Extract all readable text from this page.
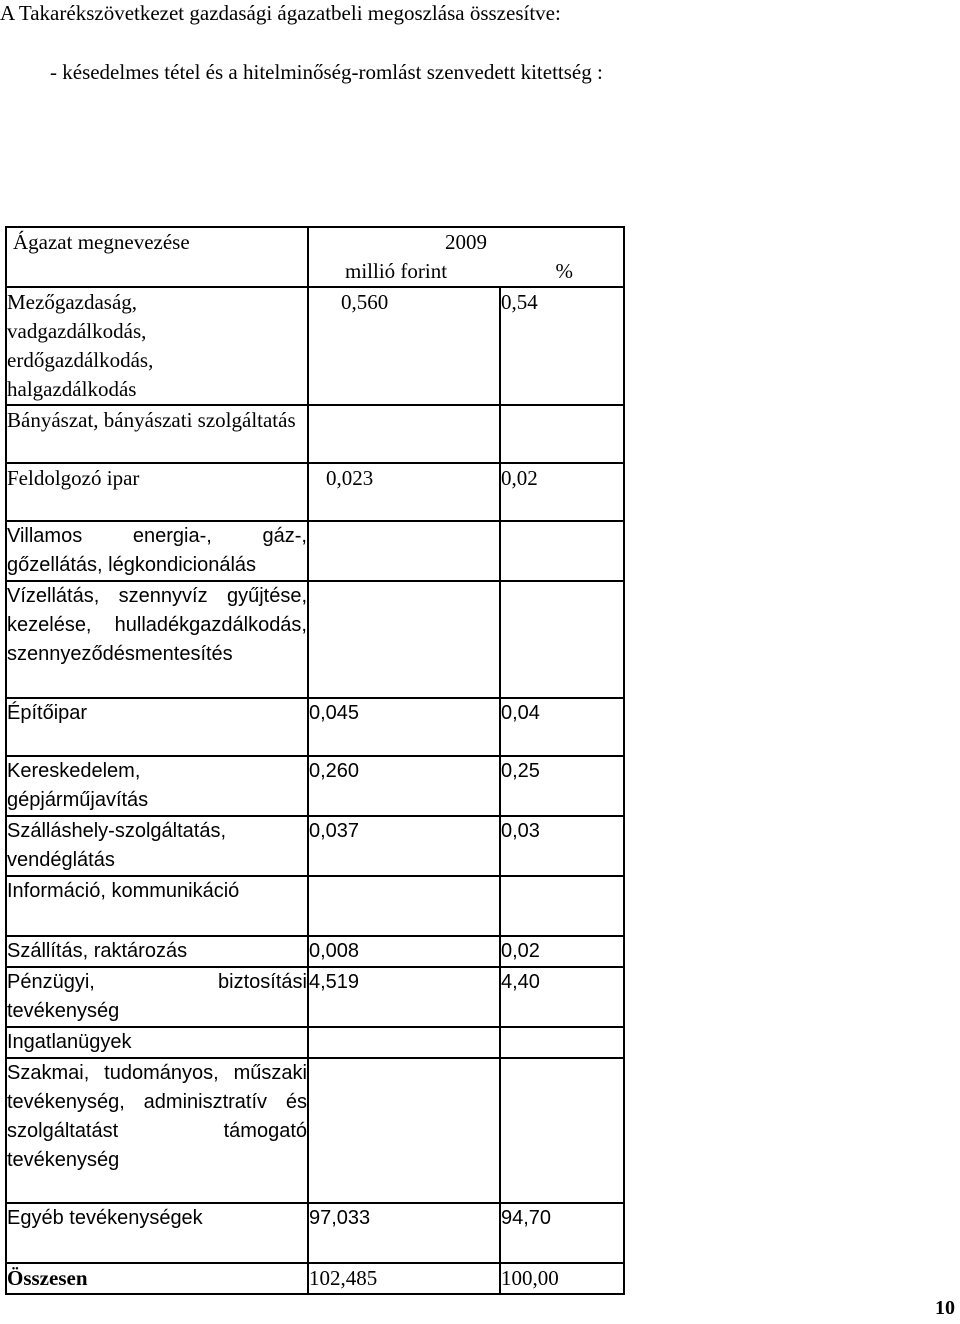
A Takarékszövetkezet gazdasági ágazatbeli megoszlása összesítve:
- késedelmes tétel és a hitelminőség-romlást szenvedett kitettség :
Ágazat megnevezése	2009
millió forint %	

Mezőgazdaság, vadgazdálkodás, erdőgazdálkodás, halgazdálkodás	0,560	0,54
Bányászat, bányászati szolgáltatás		
Feldolgozó ipar	0,023	0,02
Villamos energia-, gáz-, gőzellátás, légkondicionálás		
Vízellátás, szennyvíz gyűjtése, kezelése, hulladékgazdálkodás, szennyeződésmentesítés		
Építőipar	0,045	0,04
Kereskedelem, gépjárműjavítás	0,260	0,25
Szálláshely-szolgáltatás, vendéglátás	0,037	0,03
Információ, kommunikáció		
Szállítás, raktározás	0,008	0,02
Pénzügyi, biztosítási tevékenység	4,519	4,40
Ingatlanügyek		
Szakmai, tudományos, műszaki tevékenység, adminisztratív és szolgáltatást támogató tevékenység		
Egyéb tevékenységek	97,033	94,70
Összesen	102,485	100,00
10
